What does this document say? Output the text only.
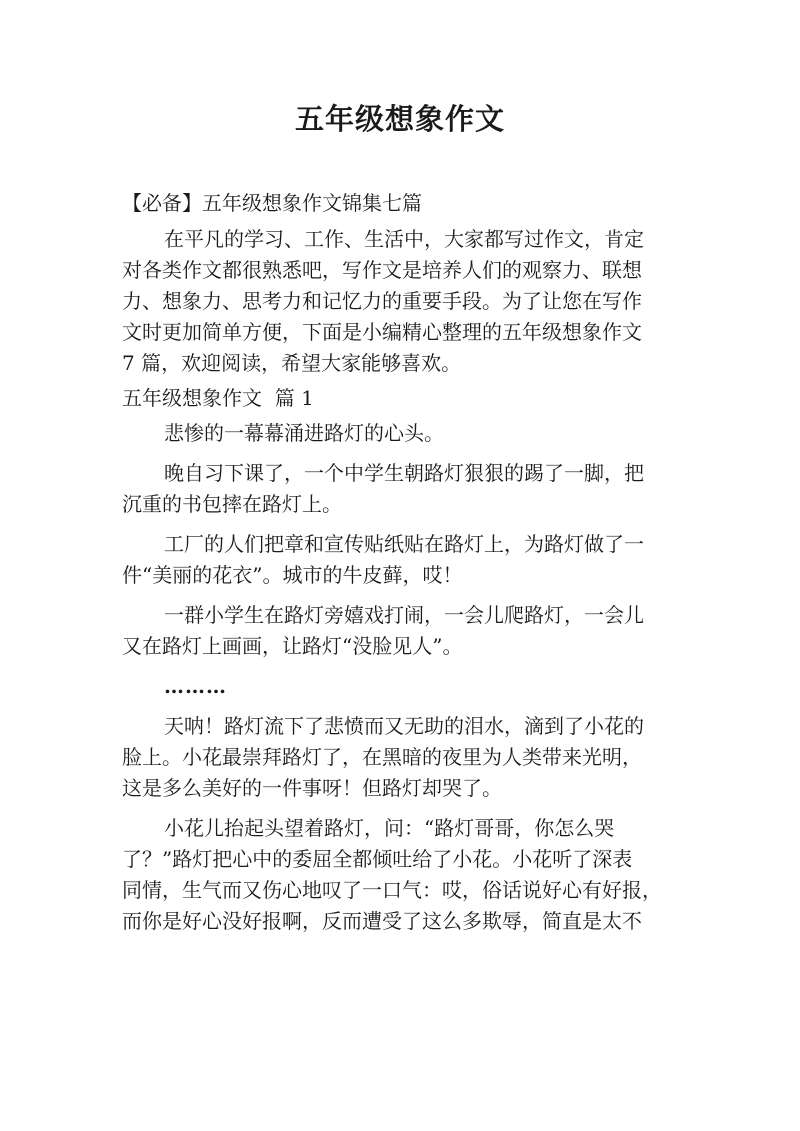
五年级想象作文

【必备】五年级想象作文锦集七篇

在平凡的学习、工作、生活中，大家都写过作文，肯定

对各类作文都很熟悉吧，写作文是培养人们的观察力、联想

力、想象力、思考力和记忆力的重要手段。为了让您在写作

文时更加简单方便，下面是小编精心整理的五年级想象作文

7 篇，欢迎阅读，希望大家能够喜欢。

五年级想象作文  篇 1

悲惨的一幕幕涌进路灯的心头。

晚自习下课了，一个中学生朝路灯狠狠的踢了一脚，把

沉重的书包摔在路灯上。

工厂的人们把章和宣传贴纸贴在路灯上，为路灯做了一

件“美丽的花衣”。城市的牛皮藓，哎！

一群小学生在路灯旁嬉戏打闹，一会儿爬路灯，一会儿

又在路灯上画画，让路灯“没脸见人”。

………

天呐！路灯流下了悲愤而又无助的泪水，滴到了小花的

脸上。小花最崇拜路灯了，在黑暗的夜里为人类带来光明，

这是多么美好的一件事呀！但路灯却哭了。

小花儿抬起头望着路灯，问：“路灯哥哥，你怎么哭

了？”路灯把心中的委屈全都倾吐给了小花。小花听了深表

同情，生气而又伤心地叹了一口气：哎，俗话说好心有好报，

而你是好心没好报啊，反而遭受了这么多欺辱，简直是太不
